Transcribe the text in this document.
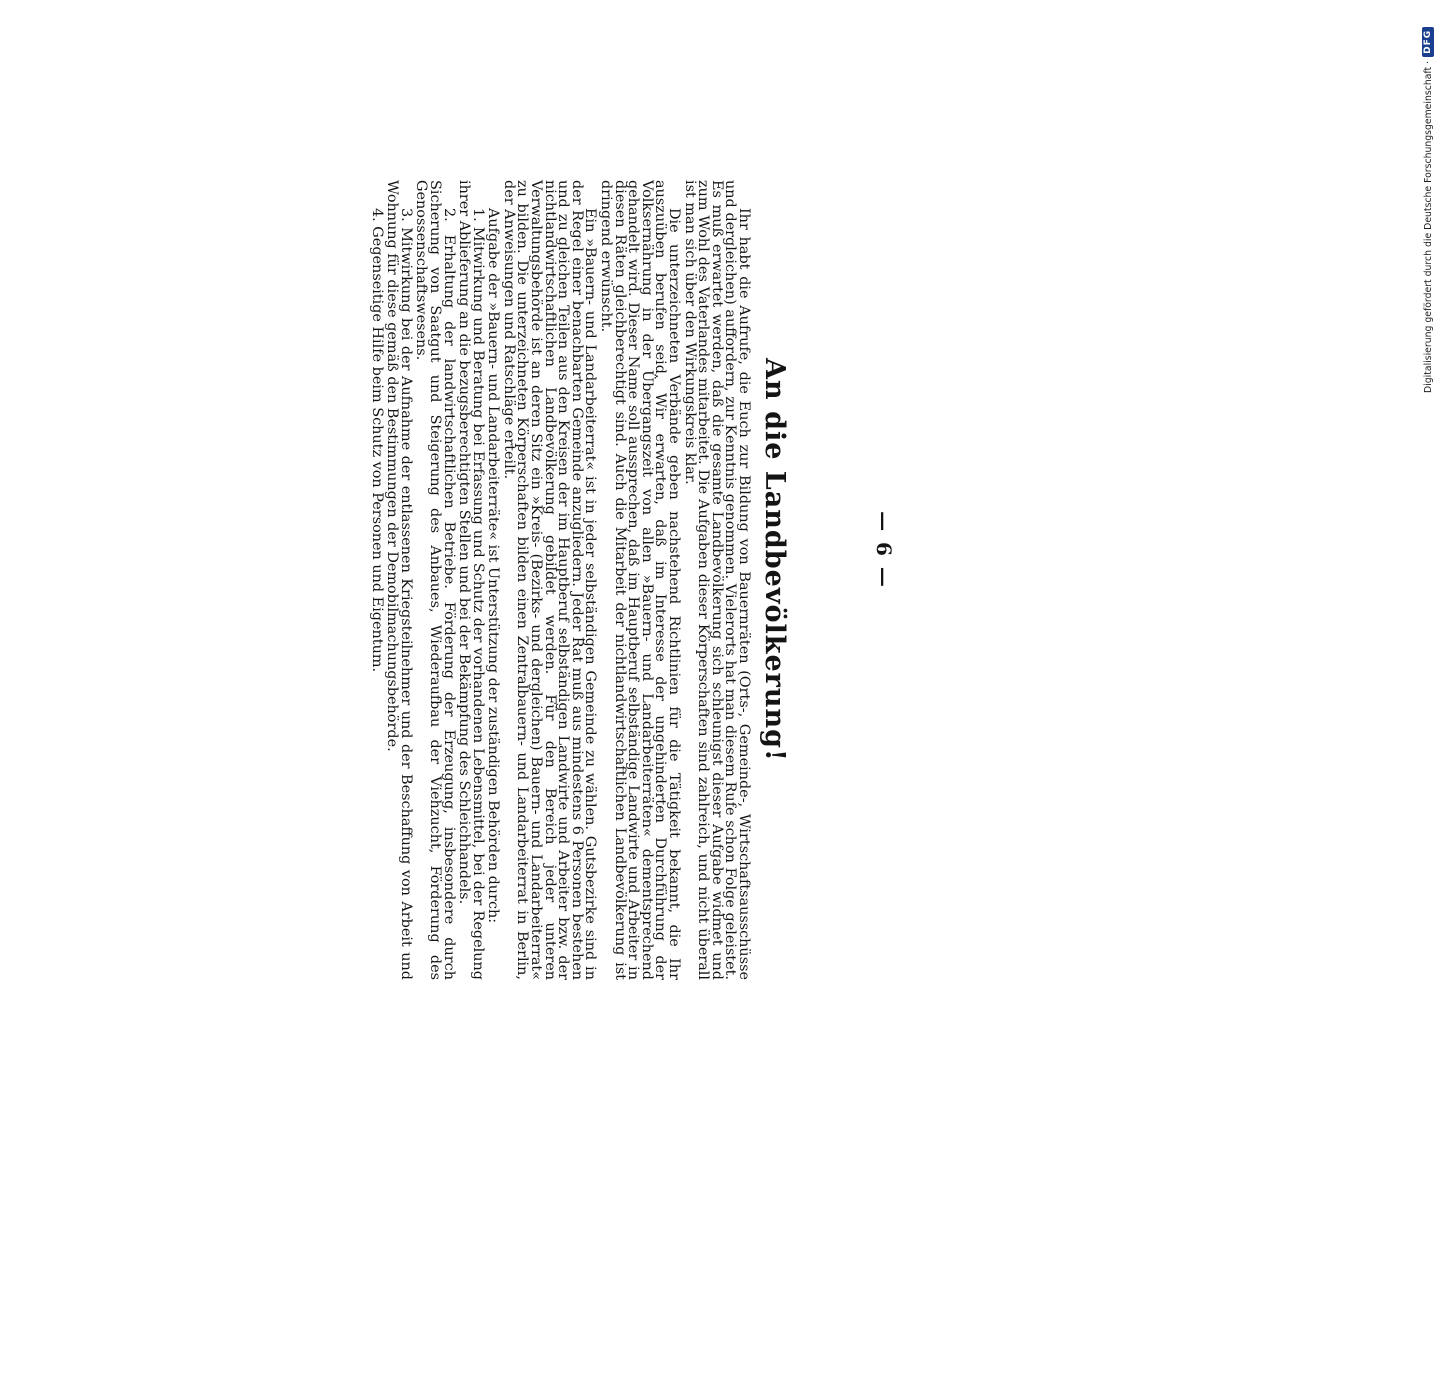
— 6 —
An die Landbevölkerung!

Ihr habt die Aufrufe, die Euch zur Bildung von Bauernräten (Orts-, Gemeinde-, Wirtschaftsausschüsse und dergleichen) auffordern, zur Kenntnis genommen. Vielerorts hat man diesem Rufe schon Folge geleistet. Es muß erwartet werden, daß die gesamte Landbevölkerung sich schleunigst dieser Aufgabe widmet und zum Wohl des Vaterlandes mitarbeitet. Die Aufgaben dieser Körperschaften sind zahlreich, und nicht überall ist man sich über den Wirkungskreis klar.

Die unterzeichneten Verbände geben nachstehend Richtlinien für die Tätigkeit bekannt, die Ihr auszuüben berufen seid. Wir erwarten, daß im Interesse der ungehinderten Durchführung der Volksernährung in der Übergangszeit von allen »Bauern- und Landarbeiterräten« dementsprechend gehandelt wird. Dieser Name soll aussprechen, daß im Hauptberuf selbständige Landwirte und Arbeiter in diesen Räten gleichberechtigt sind. Auch die Mitarbeit der nichtlandwirtschaftlichen Landbevölkerung ist dringend erwünscht.

Ein »Bauern- und Landarbeiterrat« ist in jeder selbständigen Gemeinde zu wählen. Gutsbezirke sind in der Regel einer benachbarten Gemeinde anzugliedern. Jeder Rat muß aus mindestens 6 Personen bestehen und zu gleichen Teilen aus den Kreisen der im Hauptberuf selbständigen Landwirte und Arbeiter bzw. der nichtlandwirtschaftlichen Landbevölkerung gebildet werden. Für den Bereich jeder unteren Verwaltungsbehörde ist an deren Sitz ein »Kreis- (Bezirks- und dergleichen) Bauern- und Landarbeiterrat« zu bilden. Die unterzeichneten Körperschaften bilden einen Zentralbauern- und Landarbeiterrat in Berlin, der Anweisungen und Ratschläge erteilt.

Aufgabe der »Bauern- und Landarbeiterräte« ist Unterstützung der zuständigen Behörden durch:

1. Mitwirkung und Beratung bei Erfassung und Schutz der vorhandenen Lebensmittel, bei der Regelung ihrer Ablieferung an die bezugsberechtigten Stellen und bei der Bekämpfung des Schleichhandels.

2. Erhaltung der landwirtschaftlichen Betriebe. Förderung der Erzeugung, insbesondere durch Sicherung von Saatgut und Steigerung des Anbaues, Wiederaufbau der Viehzucht, Förderung des Genossenschaftswesens.

3. Mitwirkung bei der Aufnahme der entlassenen Kriegsteilnehmer und der Beschaffung von Arbeit und Wohnung für diese gemäß den Bestimmungen der Demobilmachungsbehörde.

4. Gegenseitige Hilfe beim Schutz von Personen und Eigentum.	Digitalisierung gefördert durch die Deutsche Forschungsgemeinschaft ·
DFG
